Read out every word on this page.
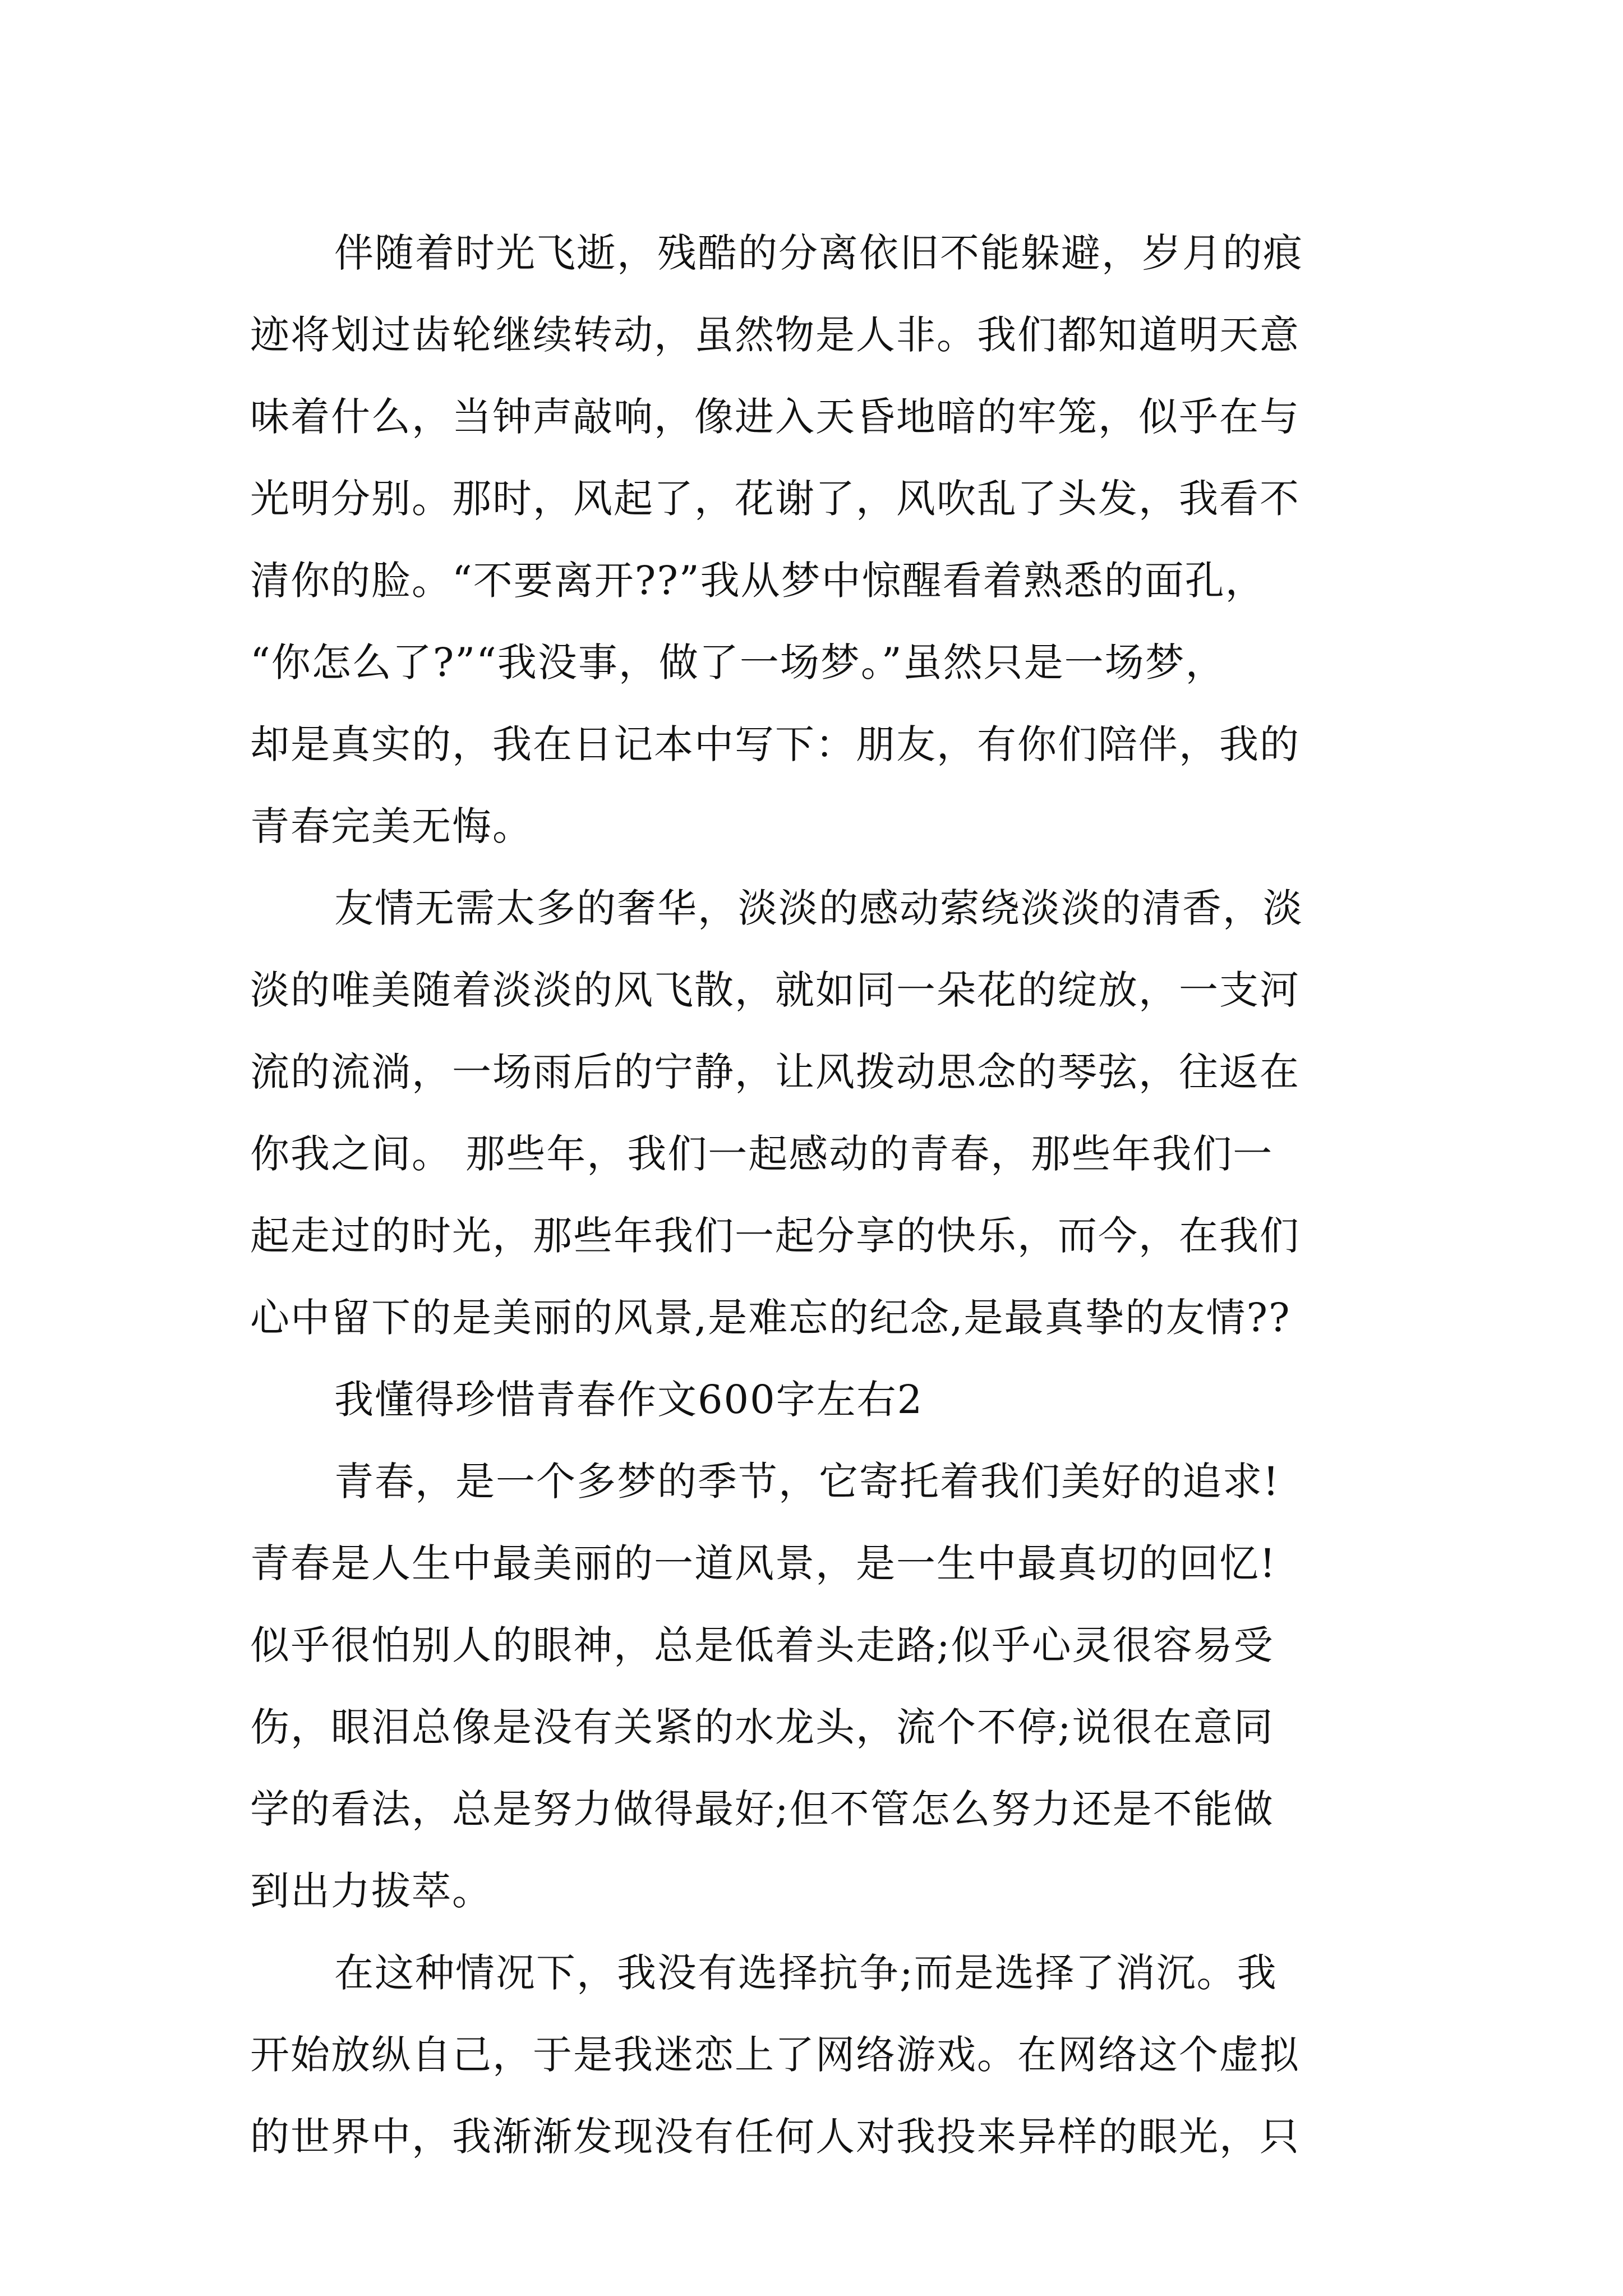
伴随着时光飞逝，残酷的分离依旧不能躲避，岁月的痕
迹将划过齿轮继续转动，虽然物是人非。我们都知道明天意
味着什么，当钟声敲响，像进入天昏地暗的牢笼，似乎在与
光明分别。那时，风起了，花谢了，风吹乱了头发，我看不
清你的脸。“不要离开??”我从梦中惊醒看着熟悉的面孔，
“你怎么了?”“我没事，做了一场梦。”虽然只是一场梦，
却是真实的，我在日记本中写下：朋友，有你们陪伴，我的
青春完美无悔。
友情无需太多的奢华，淡淡的感动萦绕淡淡的清香，淡
淡的唯美随着淡淡的风飞散，就如同一朵花的绽放，一支河
流的流淌，一场雨后的宁静，让风拨动思念的琴弦，往返在
你我之间。 那些年，我们一起感动的青春，那些年我们一
起走过的时光，那些年我们一起分享的快乐，而今，在我们
心中留下的是美丽的风景,是难忘的纪念,是最真挚的友情??
我懂得珍惜青春作文600字左右2
青春，是一个多梦的季节，它寄托着我们美好的追求!
青春是人生中最美丽的一道风景，是一生中最真切的回忆!
似乎很怕别人的眼神，总是低着头走路;似乎心灵很容易受
伤，眼泪总像是没有关紧的水龙头，流个不停;说很在意同
学的看法，总是努力做得最好;但不管怎么努力还是不能做
到出力拔萃。
在这种情况下，我没有选择抗争;而是选择了消沉。我
开始放纵自己，于是我迷恋上了网络游戏。在网络这个虚拟
的世界中，我渐渐发现没有任何人对我投来异样的眼光，只
